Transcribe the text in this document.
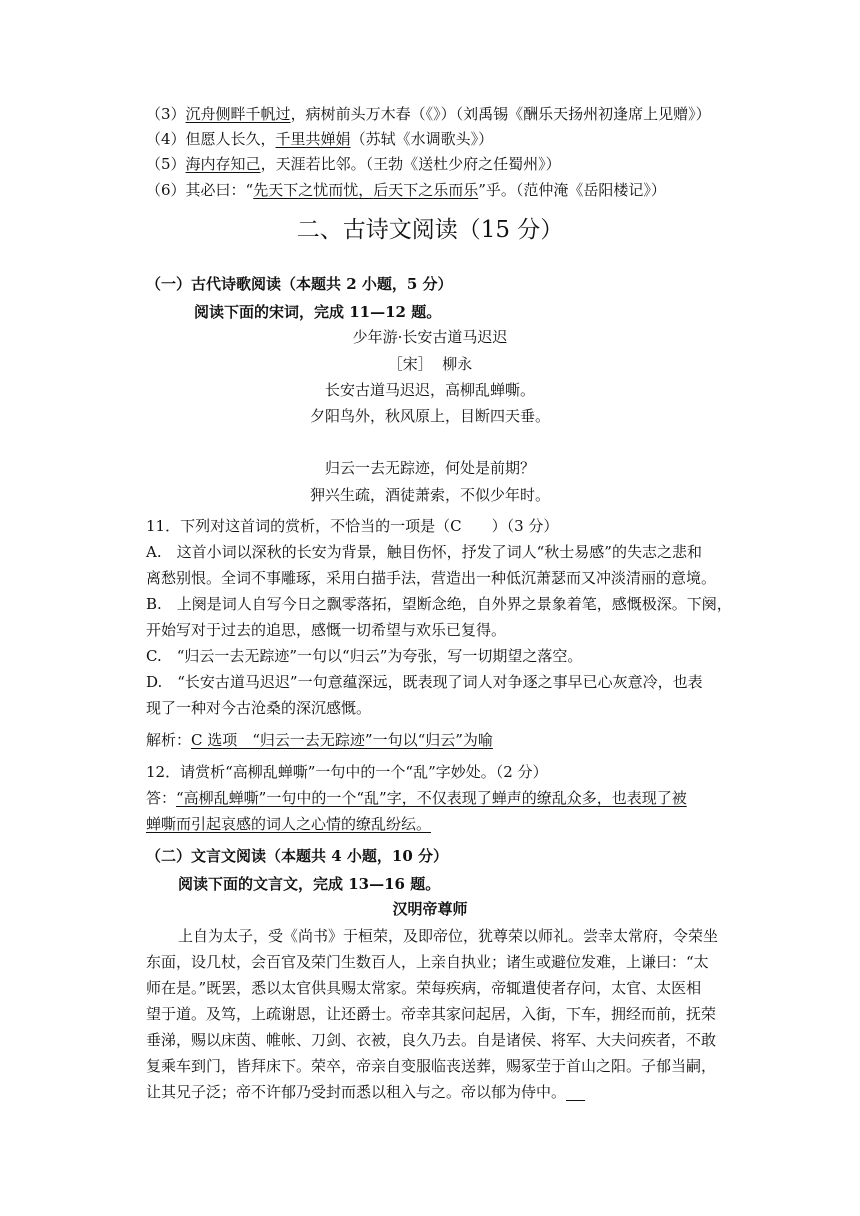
（3）沉舟侧畔千帆过，病树前头万木春（《》）（刘禹锡《酬乐天扬州初逢席上见赠》）
（4）但愿人长久，千里共婵娟（苏轼《水调歌头》）
（5）海内存知己，天涯若比邻。（王勃《送杜少府之任蜀州》）
（6）其必曰：“先天下之忧而忧，后天下之乐而乐”乎。（范仲淹《岳阳楼记》）
二、古诗文阅读（15 分）
（一）古代诗歌阅读（本题共 2 小题，5 分）
阅读下面的宋词，完成 11—12 题。
少年游·长安古道马迟迟
［宋］ 柳永
长安古道马迟迟，高柳乱蝉嘶。
夕阳鸟外，秋风原上，目断四天垂。
归云一去无踪迹，何处是前期？
狎兴生疏，酒徒萧索，不似少年时。
11．下列对这首词的赏析，不恰当的一项是（C　　）（3 分）
A.　这首小词以深秋的长安为背景，触目伤怀，抒发了词人“秋士易感”的失志之悲和
离愁别恨。全词不事雕琢，采用白描手法，营造出一种低沉萧瑟而又冲淡清丽的意境。
B.　上阕是词人自写今日之飘零落拓，望断念绝，自外界之景象着笔，感慨极深。下阕，
开始写对于过去的追思，感慨一切希望与欢乐已复得。
C.　“归云一去无踪迹”一句以“归云”为夸张，写一切期望之落空。
D.　“长安古道马迟迟”一句意蕴深远，既表现了词人对争逐之事早已心灰意冷，也表
现了一种对今古沧桑的深沉感慨。
解析：C 选项　“归云一去无踪迹”一句以“归云”为喻
12．请赏析“高柳乱蝉嘶”一句中的一个“乱”字妙处。（2 分）
答：“高柳乱蝉嘶”一句中的一个“乱”字，不仅表现了蝉声的缭乱众多，也表现了被
蝉嘶而引起哀感的词人之心情的缭乱纷纭。
（二）文言文阅读（本题共 4 小题，10 分）
阅读下面的文言文，完成 13—16 题。
汉明帝尊师
上自为太子，受《尚书》于桓荣，及即帝位，犹尊荣以师礼。尝幸太常府，令荣坐
东面，设几杖，会百官及荣门生数百人，上亲自执业；诸生或避位发难，上谦曰：“太
师在是。”既罢，悉以太官供具赐太常家。荣每疾病，帝辄遣使者存问，太官、太医相
望于道。及笃，上疏谢恩，让还爵士。帝幸其家问起居，入街，下车，拥经而前，抚荣
垂涕，赐以床茵、帷帐、刀剑、衣被，良久乃去。自是诸侯、将军、大夫问疾者，不敢
复乘车到门，皆拜床下。荣卒，帝亲自变服临丧送葬，赐冢茔于首山之阳。子郁当嗣，
让其兄子泛；帝不许郁乃受封而悉以租入与之。帝以郁为侍中。
